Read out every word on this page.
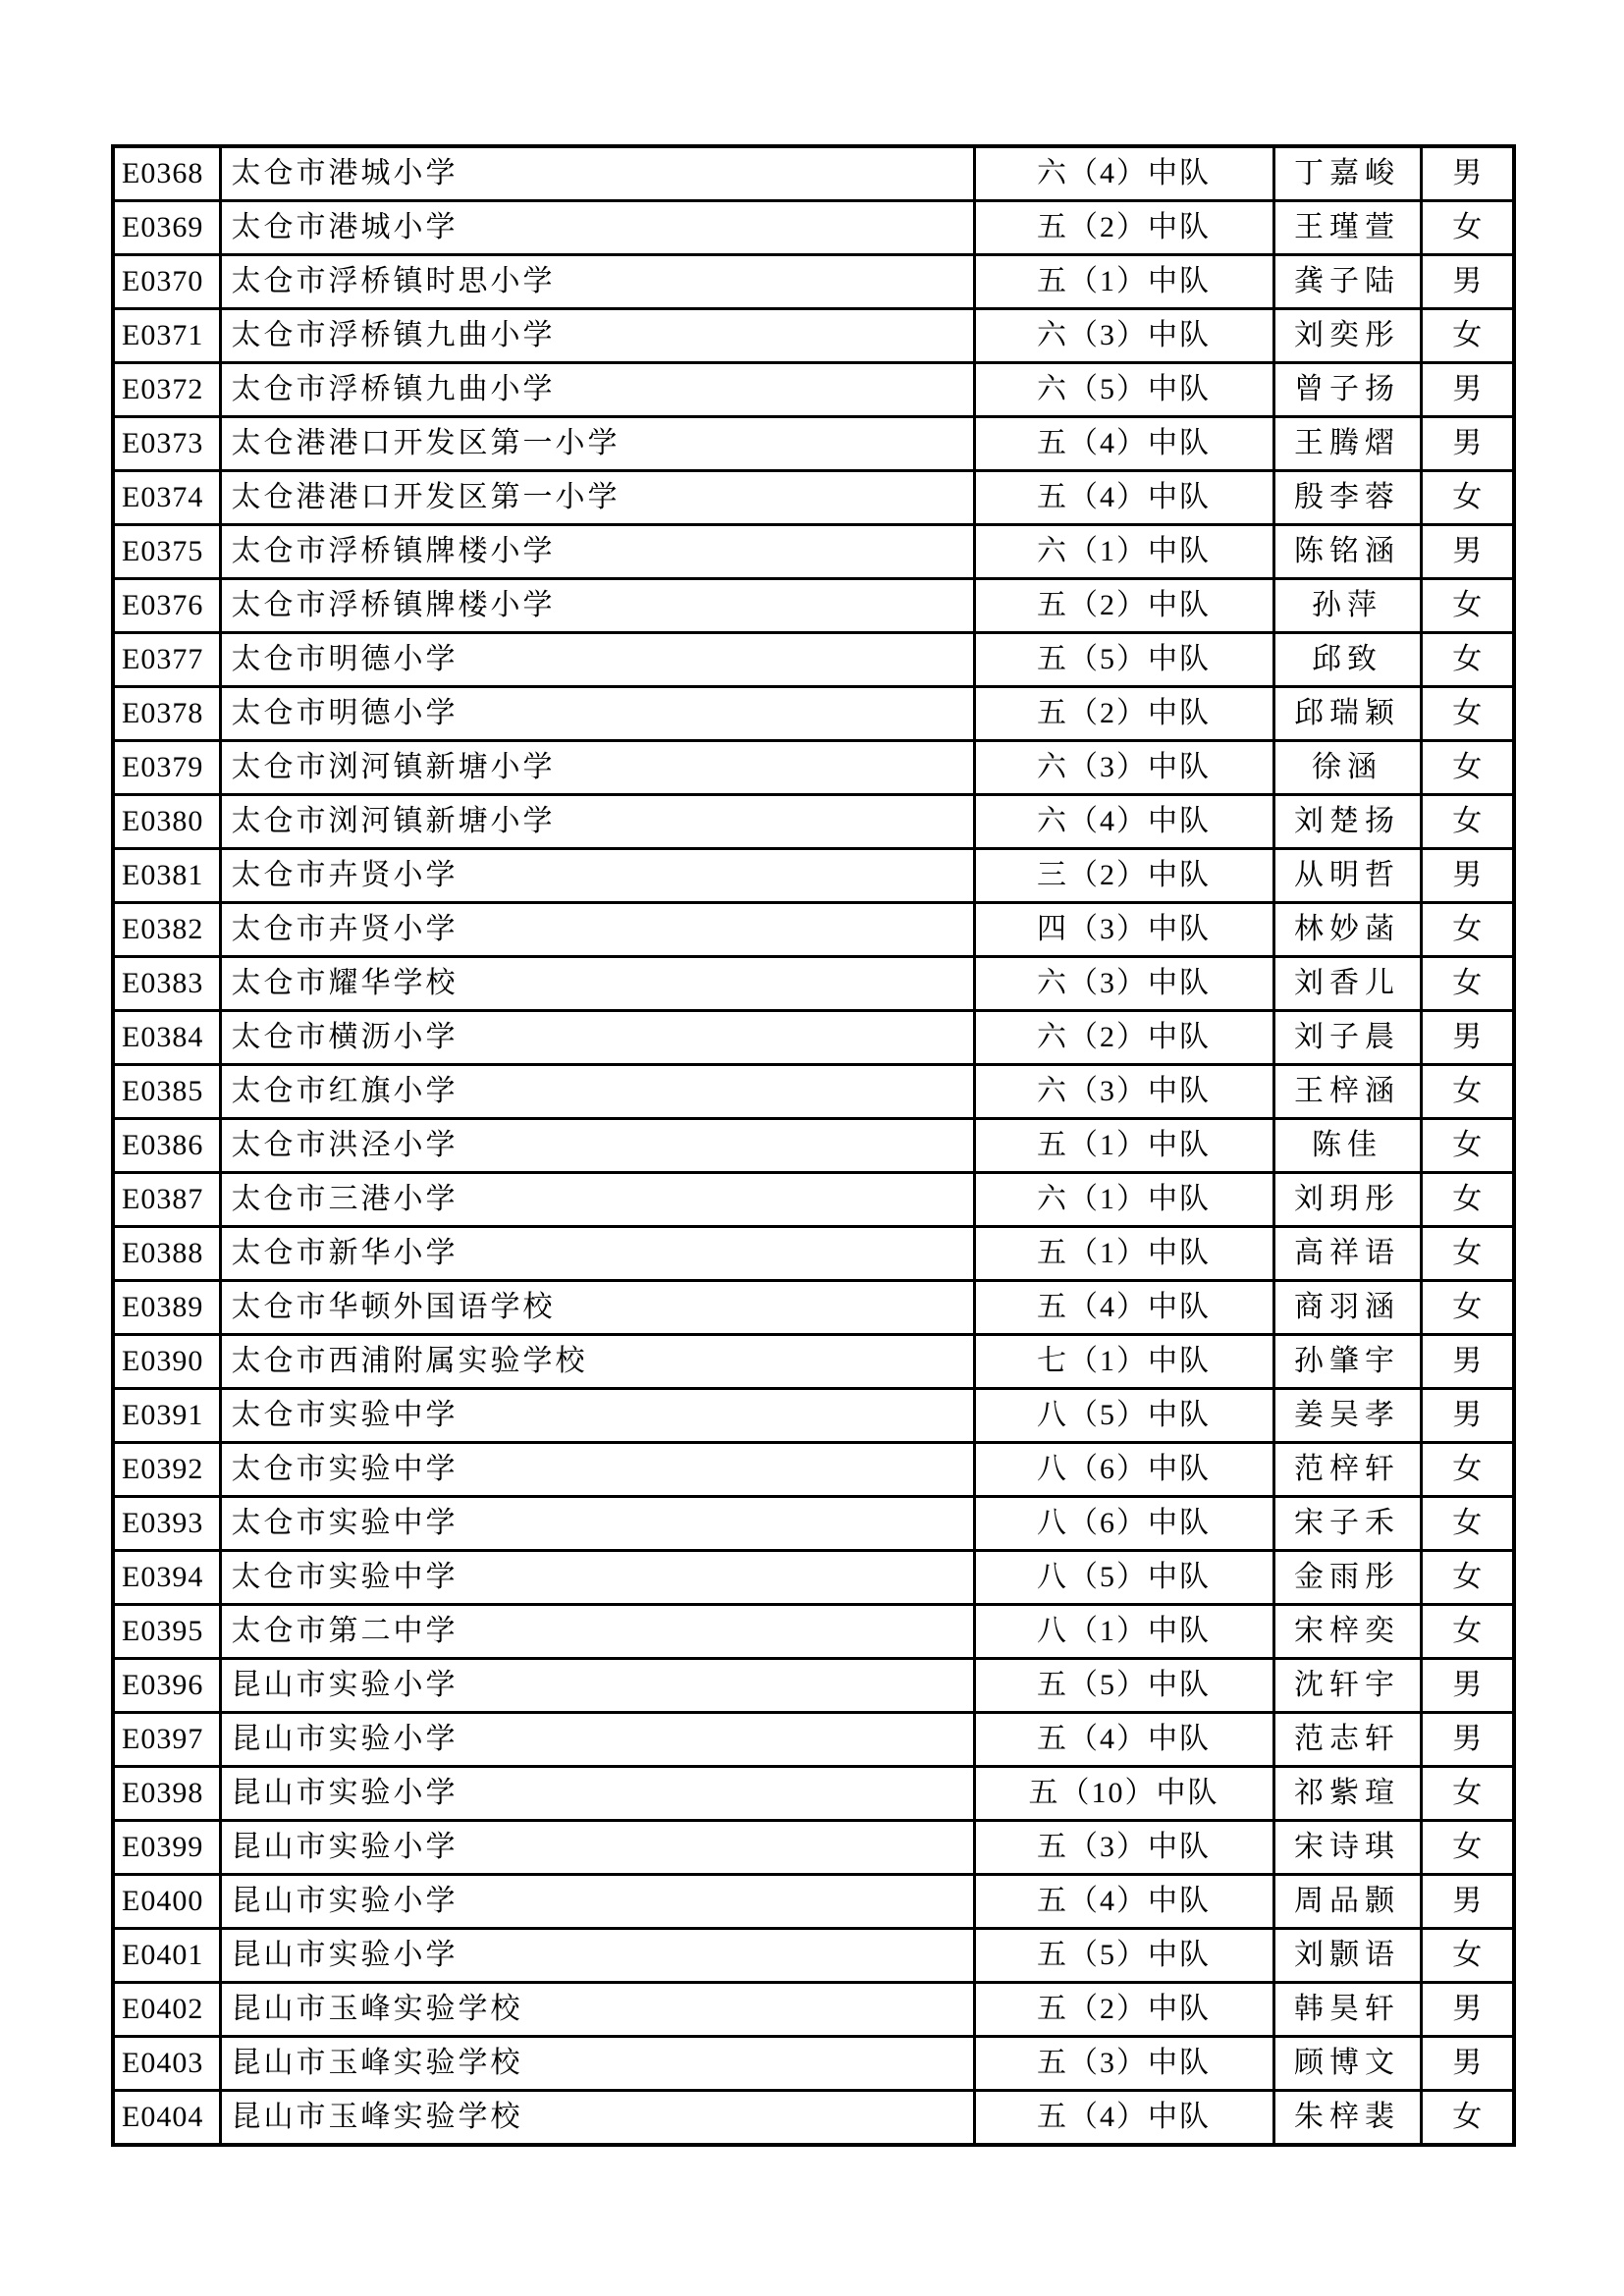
E0368	太仓市港城小学	六（4）中队	丁嘉峻	男
E0369	太仓市港城小学	五（2）中队	王瑾萱	女
E0370	太仓市浮桥镇时思小学	五（1）中队	龚子陆	男
E0371	太仓市浮桥镇九曲小学	六（3）中队	刘奕彤	女
E0372	太仓市浮桥镇九曲小学	六（5）中队	曾子扬	男
E0373	太仓港港口开发区第一小学	五（4）中队	王腾熠	男
E0374	太仓港港口开发区第一小学	五（4）中队	殷李蓉	女
E0375	太仓市浮桥镇牌楼小学	六（1）中队	陈铭涵	男
E0376	太仓市浮桥镇牌楼小学	五（2）中队	孙萍	女
E0377	太仓市明德小学	五（5）中队	邱致	女
E0378	太仓市明德小学	五（2）中队	邱瑞颖	女
E0379	太仓市浏河镇新塘小学	六（3）中队	徐涵	女
E0380	太仓市浏河镇新塘小学	六（4）中队	刘楚扬	女
E0381	太仓市卉贤小学	三（2）中队	从明哲	男
E0382	太仓市卉贤小学	四（3）中队	林妙菡	女
E0383	太仓市耀华学校	六（3）中队	刘香儿	女
E0384	太仓市横沥小学	六（2）中队	刘子晨	男
E0385	太仓市红旗小学	六（3）中队	王梓涵	女
E0386	太仓市洪泾小学	五（1）中队	陈佳	女
E0387	太仓市三港小学	六（1）中队	刘玥彤	女
E0388	太仓市新华小学	五（1）中队	高祥语	女
E0389	太仓市华顿外国语学校	五（4）中队	商羽涵	女
E0390	太仓市西浦附属实验学校	七（1）中队	孙肇宇	男
E0391	太仓市实验中学	八（5）中队	姜吴孝	男
E0392	太仓市实验中学	八（6）中队	范梓轩	女
E0393	太仓市实验中学	八（6）中队	宋子禾	女
E0394	太仓市实验中学	八（5）中队	金雨彤	女
E0395	太仓市第二中学	八（1）中队	宋梓奕	女
E0396	昆山市实验小学	五（5）中队	沈轩宇	男
E0397	昆山市实验小学	五（4）中队	范志轩	男
E0398	昆山市实验小学	五（10）中队	祁紫瑄	女
E0399	昆山市实验小学	五（3）中队	宋诗琪	女
E0400	昆山市实验小学	五（4）中队	周品颢	男
E0401	昆山市实验小学	五（5）中队	刘颢语	女
E0402	昆山市玉峰实验学校	五（2）中队	韩昊轩	男
E0403	昆山市玉峰实验学校	五（3）中队	顾博文	男
E0404	昆山市玉峰实验学校	五（4）中队	朱梓裴	女
